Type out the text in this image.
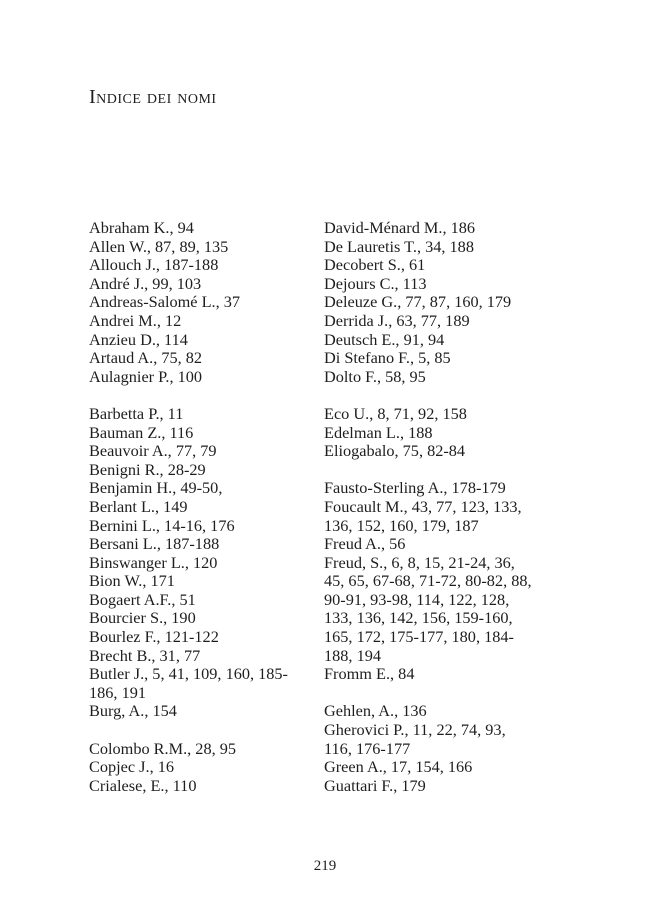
Indice dei nomi
Abraham K., 94
Allen W., 87, 89, 135
Allouch J., 187-188
André J., 99, 103
Andreas-Salomé L., 37
Andrei M., 12
Anzieu D., 114
Artaud A., 75, 82
Aulagnier P., 100
Barbetta P., 11
Bauman Z., 116
Beauvoir A., 77, 79
Benigni R., 28-29
Benjamin H., 49-50,
Berlant L., 149
Bernini L., 14-16, 176
Bersani L., 187-188
Binswanger L., 120
Bion W., 171
Bogaert A.F., 51
Bourcier S., 190
Bourlez F., 121-122
Brecht B., 31, 77
Butler J., 5, 41, 109, 160, 185-
186, 191
Burg, A., 154
Colombo R.M., 28, 95
Copjec J., 16
Crialese, E., 110
David-Ménard M., 186
De Lauretis T., 34, 188
Decobert S., 61
Dejours C., 113
Deleuze G., 77, 87, 160, 179
Derrida J., 63, 77, 189
Deutsch E., 91, 94
Di Stefano F., 5, 85
Dolto F., 58, 95
Eco U., 8, 71, 92, 158
Edelman L., 188
Eliogabalo, 75, 82-84
Fausto-Sterling A., 178-179
Foucault M., 43, 77, 123, 133,
136, 152, 160, 179, 187
Freud A., 56
Freud, S., 6, 8, 15, 21-24, 36,
45, 65, 67-68, 71-72, 80-82, 88,
90-91, 93-98, 114, 122, 128,
133, 136, 142, 156, 159-160,
165, 172, 175-177, 180, 184-
188, 194
Fromm E., 84
Gehlen, A., 136
Gherovici P., 11, 22, 74, 93,
116, 176-177
Green A., 17, 154, 166
Guattari F., 179
219
